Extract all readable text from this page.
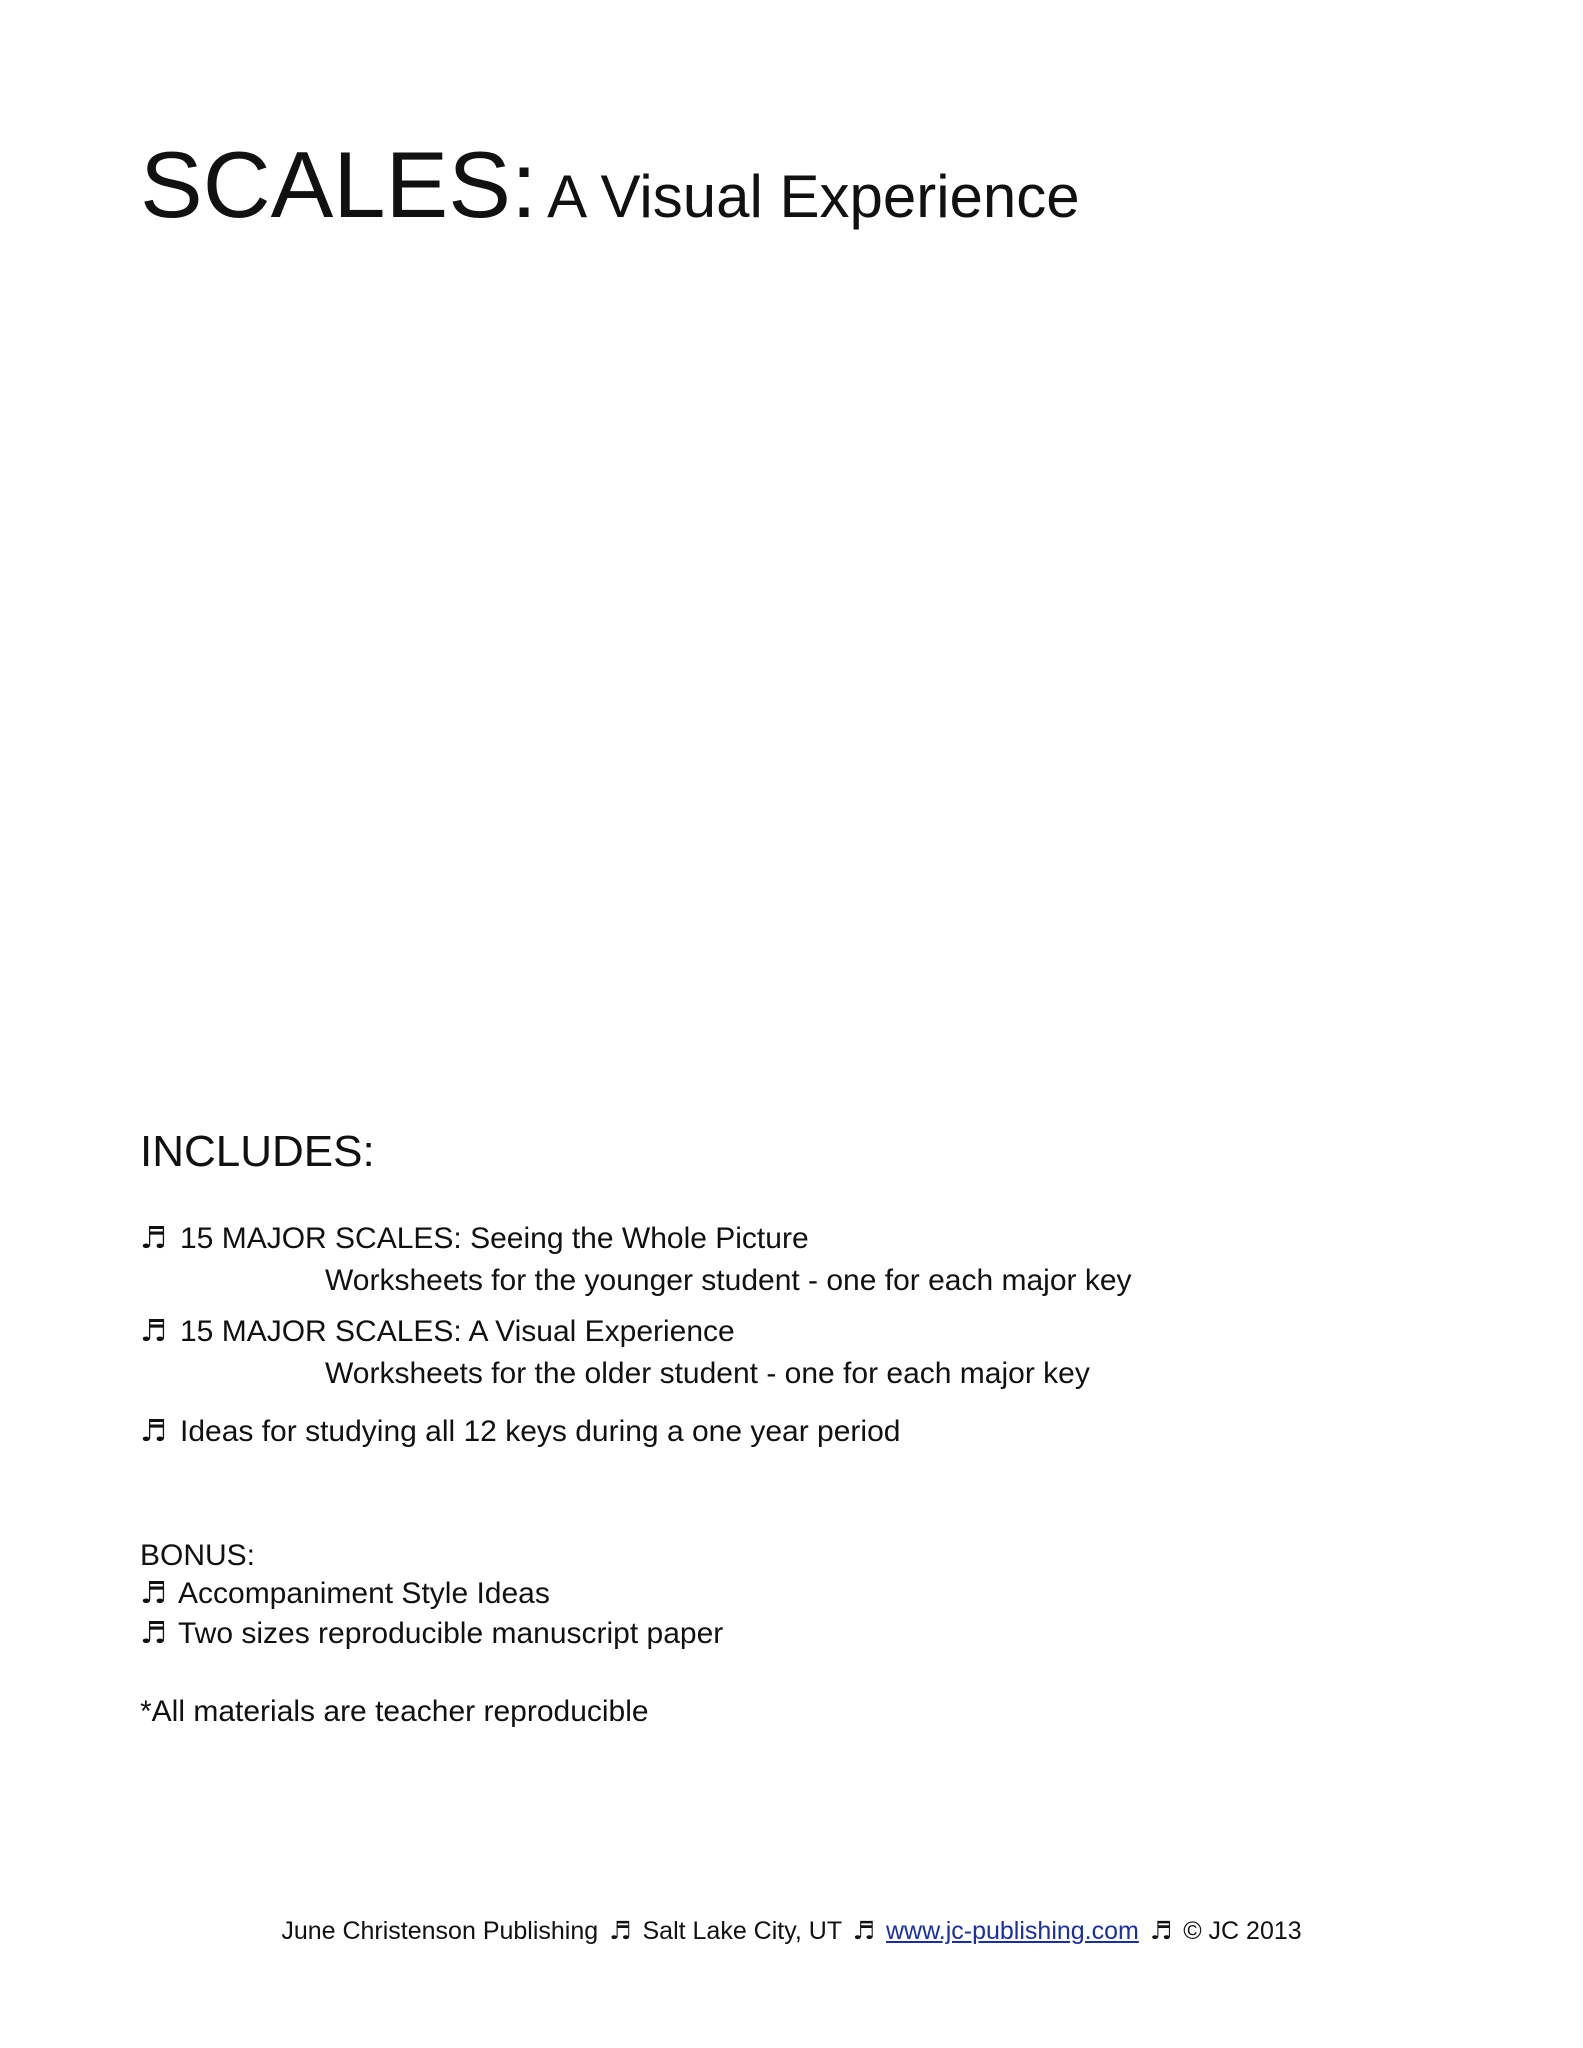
SCALES: A Visual Experience
INCLUDES:
♬ 15 MAJOR SCALES: Seeing the Whole Picture
Worksheets for the younger student - one for each major key
♬ 15 MAJOR SCALES: A Visual Experience
Worksheets for the older student - one for each major key
♬ Ideas for studying all 12 keys during a one year period
BONUS:
♬ Accompaniment Style Ideas
♬ Two sizes reproducible manuscript paper
*All materials are teacher reproducible
June Christenson Publishing ♬ Salt Lake City, UT ♬ www.jc-publishing.com ♬ © JC 2013
